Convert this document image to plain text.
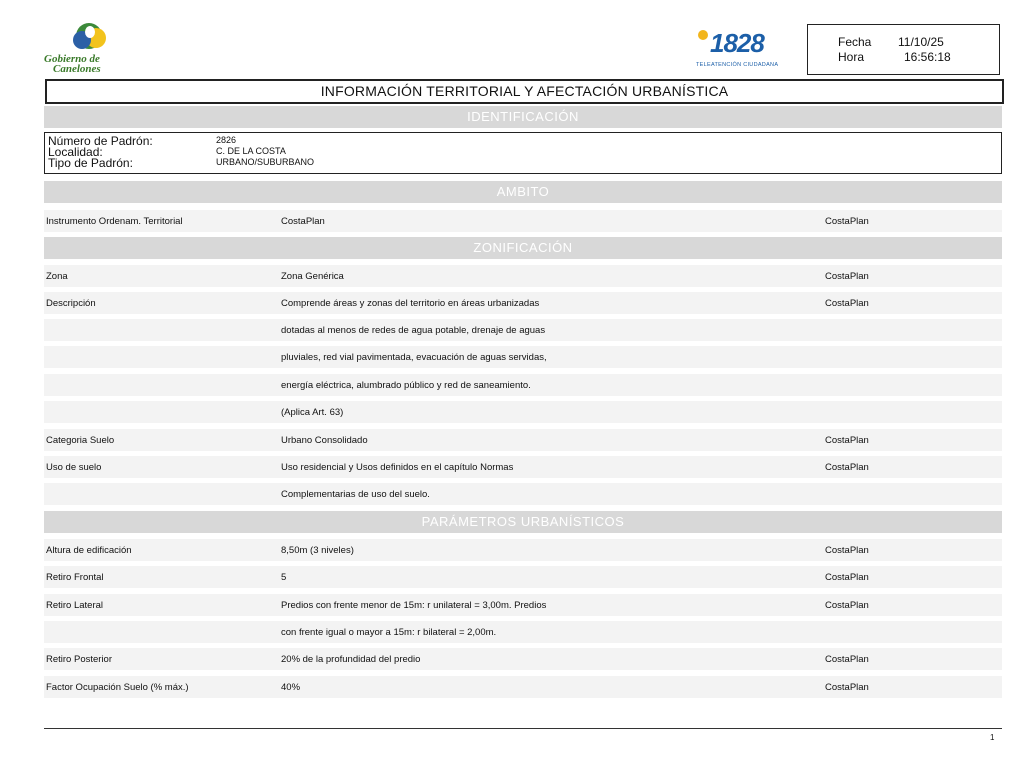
Gobierno de
Canelones
1828
TELEATENCIÓN CIUDADANA
Fecha 11/10/25
Hora	16:56:18
INFORMACIÓN TERRITORIAL Y AFECTACIÓN URBANÍSTICA
IDENTIFICACIÓN
Número de Padrón:	2826
Localidad:	C. DE LA COSTA
Tipo de Padrón:	URBANO/SUBURBANO
AMBITO
Instrumento Ordenam. Territorial	CostaPlan	CostaPlan
ZONIFICACIÓN
Zona	Zona Genérica	CostaPlan
Descripción	Comprende áreas y zonas del territorio en áreas urbanizadas	CostaPlan
dotadas al menos de redes de agua potable, drenaje de aguas
pluviales, red vial pavimentada, evacuación de aguas servidas,
energía eléctrica, alumbrado público y red de saneamiento.
(Aplica Art. 63)
Categoria Suelo	Urbano Consolidado	CostaPlan
Uso de suelo	Uso residencial y Usos definidos en el capítulo Normas	CostaPlan
Complementarias de uso del suelo.
PARÁMETROS URBANÍSTICOS
Altura de edificación	8,50m (3 niveles)	CostaPlan
Retiro Frontal	5	CostaPlan
Retiro Lateral	Predios con frente menor de 15m: r unilateral = 3,00m. Predios	CostaPlan
con frente igual o mayor a 15m: r bilateral = 2,00m.
Retiro Posterior	20% de la profundidad del predio	CostaPlan
Factor Ocupación Suelo (% máx.)	40%	CostaPlan
1
